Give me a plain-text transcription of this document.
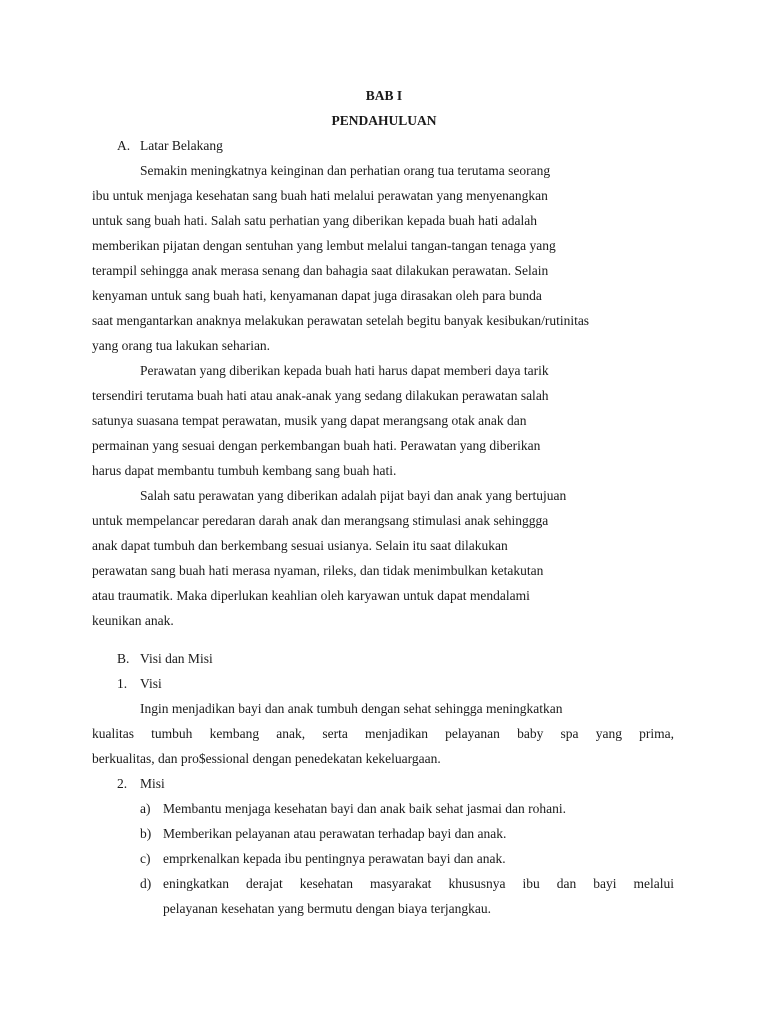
BAB I
PENDAHULUAN
A. Latar Belakang
Semakin meningkatnya keinginan dan perhatian orang tua terutama seorang
ibu untuk menjaga kesehatan sang buah hati melalui perawatan yang menyenangkan
untuk sang buah hati. Salah satu perhatian yang diberikan kepada buah hati adalah
memberikan pijatan dengan sentuhan yang lembut melalui tangan-tangan tenaga yang
terampil sehingga anak merasa senang dan bahagia saat dilakukan perawatan. Selain
kenyaman untuk sang buah hati, kenyamanan dapat juga dirasakan oleh para bunda
saat mengantarkan anaknya melakukan perawatan setelah begitu banyak kesibukan/rutinitas
yang orang tua lakukan seharian.
Perawatan yang diberikan kepada buah hati harus dapat memberi daya tarik
tersendiri terutama buah hati atau anak-anak yang sedang dilakukan perawatan salah
satunya suasana tempat perawatan, musik yang dapat merangsang otak anak dan
permainan yang sesuai dengan perkembangan buah hati. Perawatan yang diberikan
harus dapat membantu tumbuh kembang sang buah hati.
Salah satu perawatan yang diberikan adalah pijat bayi dan anak yang bertujuan
untuk mempelancar peredaran darah anak dan merangsang stimulasi anak sehinggga
anak dapat tumbuh dan berkembang sesuai usianya. Selain itu saat dilakukan
perawatan sang buah hati merasa nyaman, rileks, dan tidak menimbulkan ketakutan
atau traumatik. Maka diperlukan keahlian oleh karyawan untuk dapat mendalami
keunikan anak.
B. Visi dan Misi
1. Visi
Ingin menjadikan bayi dan anak tumbuh dengan sehat sehingga meningkatkan
kualitas tumbuh kembang anak, serta menjadikan pelayanan baby spa yang prima,
berkualitas, dan pro$essional dengan penedekatan kekeluargaan.
2. Misi
a) Membantu menjaga kesehatan bayi dan anak baik sehat jasmai dan rohani.
b) Memberikan pelayanan atau perawatan terhadap bayi dan anak.
c) emprkenalkan kepada ibu pentingnya perawatan bayi dan anak.
d) eningkatkan derajat kesehatan masyarakat khususnya ibu dan bayi melalui
pelayanan kesehatan yang bermutu dengan biaya terjangkau.
